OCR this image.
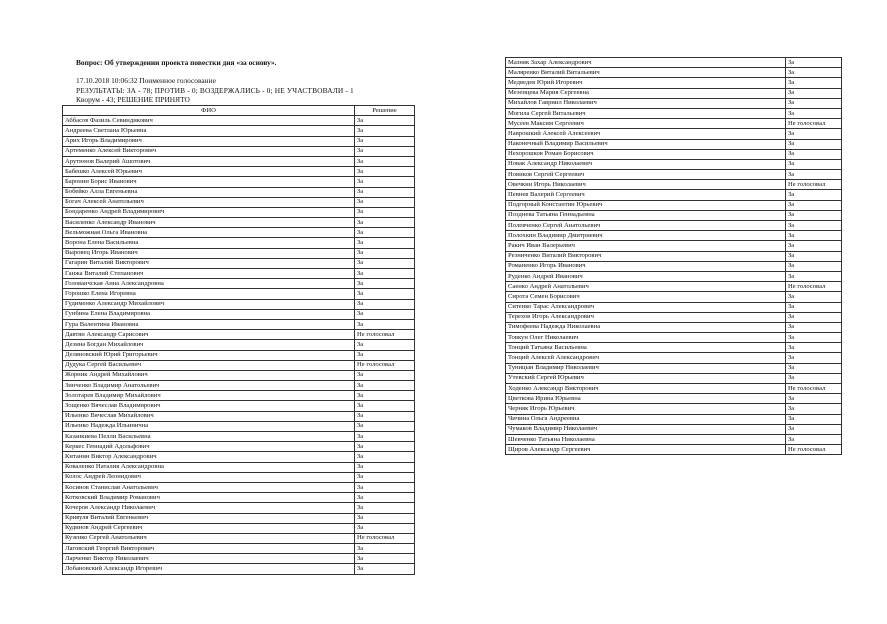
Вопрос: Об утверждении проекта повестки дня «за основу».
17.10.2018 10:06:32 Поименное голосование
РЕЗУЛЬТАТЫ: ЗА - 78; ПРОТИВ - 0; ВОЗДЕРЖАЛИСЬ - 0; НЕ УЧАСТВОВАЛИ - 1
Кворум - 43; РЕШЕНИЕ ПРИНЯТО
ФИО	Решение
Аббасов Фазиль Севиндикович	За
Андреева Светлана Юрьевна	За
Арих Игорь Владимирович	За
Артеменко Алексей Викторович	За
Арутюнов Валерий Ашотович	За
Бабешко Алексей Юрьевич	За
Баронин Борис Иванович	За
Бобейко Алла Евгеньевна	За
Богач Алексей Анатольевич	За
Бондаренко Андрей Владимирович	За
Василенко Александр Иванович	За
Вельможная Ольга Ивановна	За
Ворона Елена Васильевна	За
Выровец Игорь Иванович	За
Гагарин Виталий Викторович	За
Ганжа Виталий Степанович	За
Голованчская Анна Александровна	За
Горошко Елена Игоревна	За
Гудименко Александр Михайлович	За
Гунбина Елена Владимировна	За
Гура Валентина Ивановна	За
Давтян Александр Сарисович	Не голосовал
Дезина Богдан Михайлович	За
Деляновский Юрий Григорьевич	За
Дудука Сергей Васильевич	Не голосовал
Жорник Андрей Михайлович	За
Зинченко Владимир Анатольевич	За
Золотарев Владимир Михайлович	За
Зощенко Вячеслав Владимирович	За
Ильенко Вячеслав Михайлович	За
Ильенко Надежда Ильинична	За
Казанкиева Пелли Васильевна	За
Керкес Геннадий Адольфович	За
Китанин Виктор Александрович	За
Коваленко Наталия Александровна	За
Колос Андрей Леонидович	За
Косинов Станислав Анатольевич	За
Котковский Владимир Романович	За
Кочеров Александр Николаевич	За
Кривуля Виталий Евгеньевич	За
Кудинов Андрей Сергеевич	За
Кузенко Сергей Анатольевич	Не голосовал
Лаговский Георгий Викторович	За
Ларченко Виктор Николаевич	За
Лобановский Александр Игоревич	За
Мазняк Захар Александрович	За
Маляренко Виталий Витальевич	За
Медведев Юрий Игоревич	За
Мезенцева Мария Сергеевна	За
Михайлов Гавриил Николаевич	За
Могила Сергей Витальевич	За
Мусеев Максим Сергеевич	Не голосовал
Наврошкий Алексей Алексеевич	За
Наконечный Владимир Васильевич	За
Нехорошков Роман Борисович	За
Новак Александр Николаевич	За
Новиков Сергей Сергеевич	За
Овечкин Игорь Николаевич	Не голосовал
Певнев Валерий Сергеевич	За
Подгорный Константин Юрьевич	За
Позднева Татьяна Геннадьевна	За
Полевченко Сергей Анатольевич	За
Полохкин Владимир Дмитриевич	За
Ракич Иван Валерьевич	За
Резниченко Виталий Викторович	За
Романенко Игорь Иванович	За
Руденко Андрей Иванович	За
Саенко Андрей Анатольевич	Не голосовал
Сирота Семен Борисович	За
Ситенко Тарас Александрович	За
Терехов Игорь Александрович	За
Тимофеева Надежда Николаевна	За
Товкун Олег Николаевич	За
Тонций Татьяна Васильевна	За
Тонций Алексей Александрович	За
Туницын Владимир Николаевич	За
Утевский Сергей Юрьевич	За
Ходенко Александр Викторович	Не голосовал
Цветкова Ирина Юрьевна	За
Черняк Игорь Юрьевич	За
Чичина Ольга Андреевна	За
Чумаков Владимир Николаевич	За
Шевченко Татьяна Николаевна	За
Щиров Александр Сергеевич	Не голосовал
